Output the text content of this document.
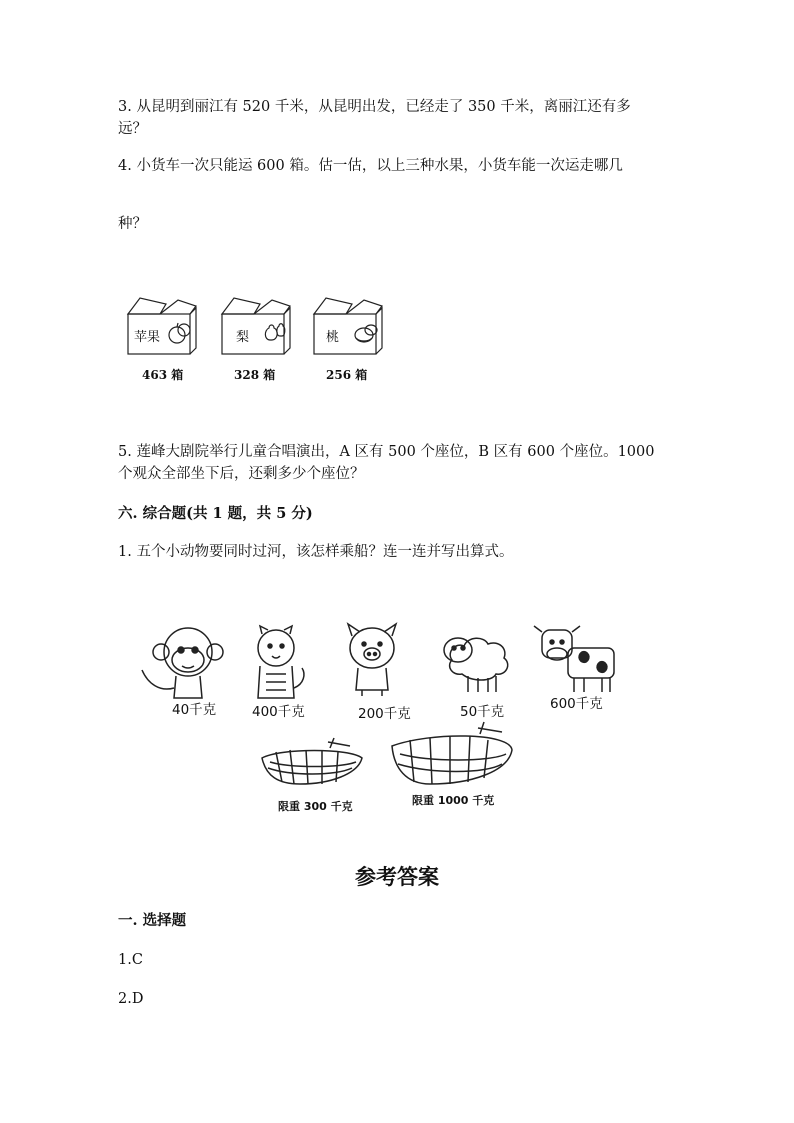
3. 从昆明到丽江有 520 千米，从昆明出发，已经走了 350 千米，离丽江还有多

远？

4. 小货车一次只能运 600 箱。估一估，以上三种水果，小货车能一次运走哪几

种？

苹果	梨	桃
463 箱	328 箱	256 箱

5. 莲峰大剧院举行儿童合唱演出，A 区有 500 个座位，B 区有 600 个座位。1000

个观众全部坐下后，还剩多少个座位？

六. 综合题(共 1 题，共 5 分)

1. 五个小动物要同时过河，该怎样乘船？连一连并写出算式。

40千克	400千克	200千克	50千克	600千克
限重 300 千克	限重 1000 千克
参考答案

一. 选择题

1.C

2.D
